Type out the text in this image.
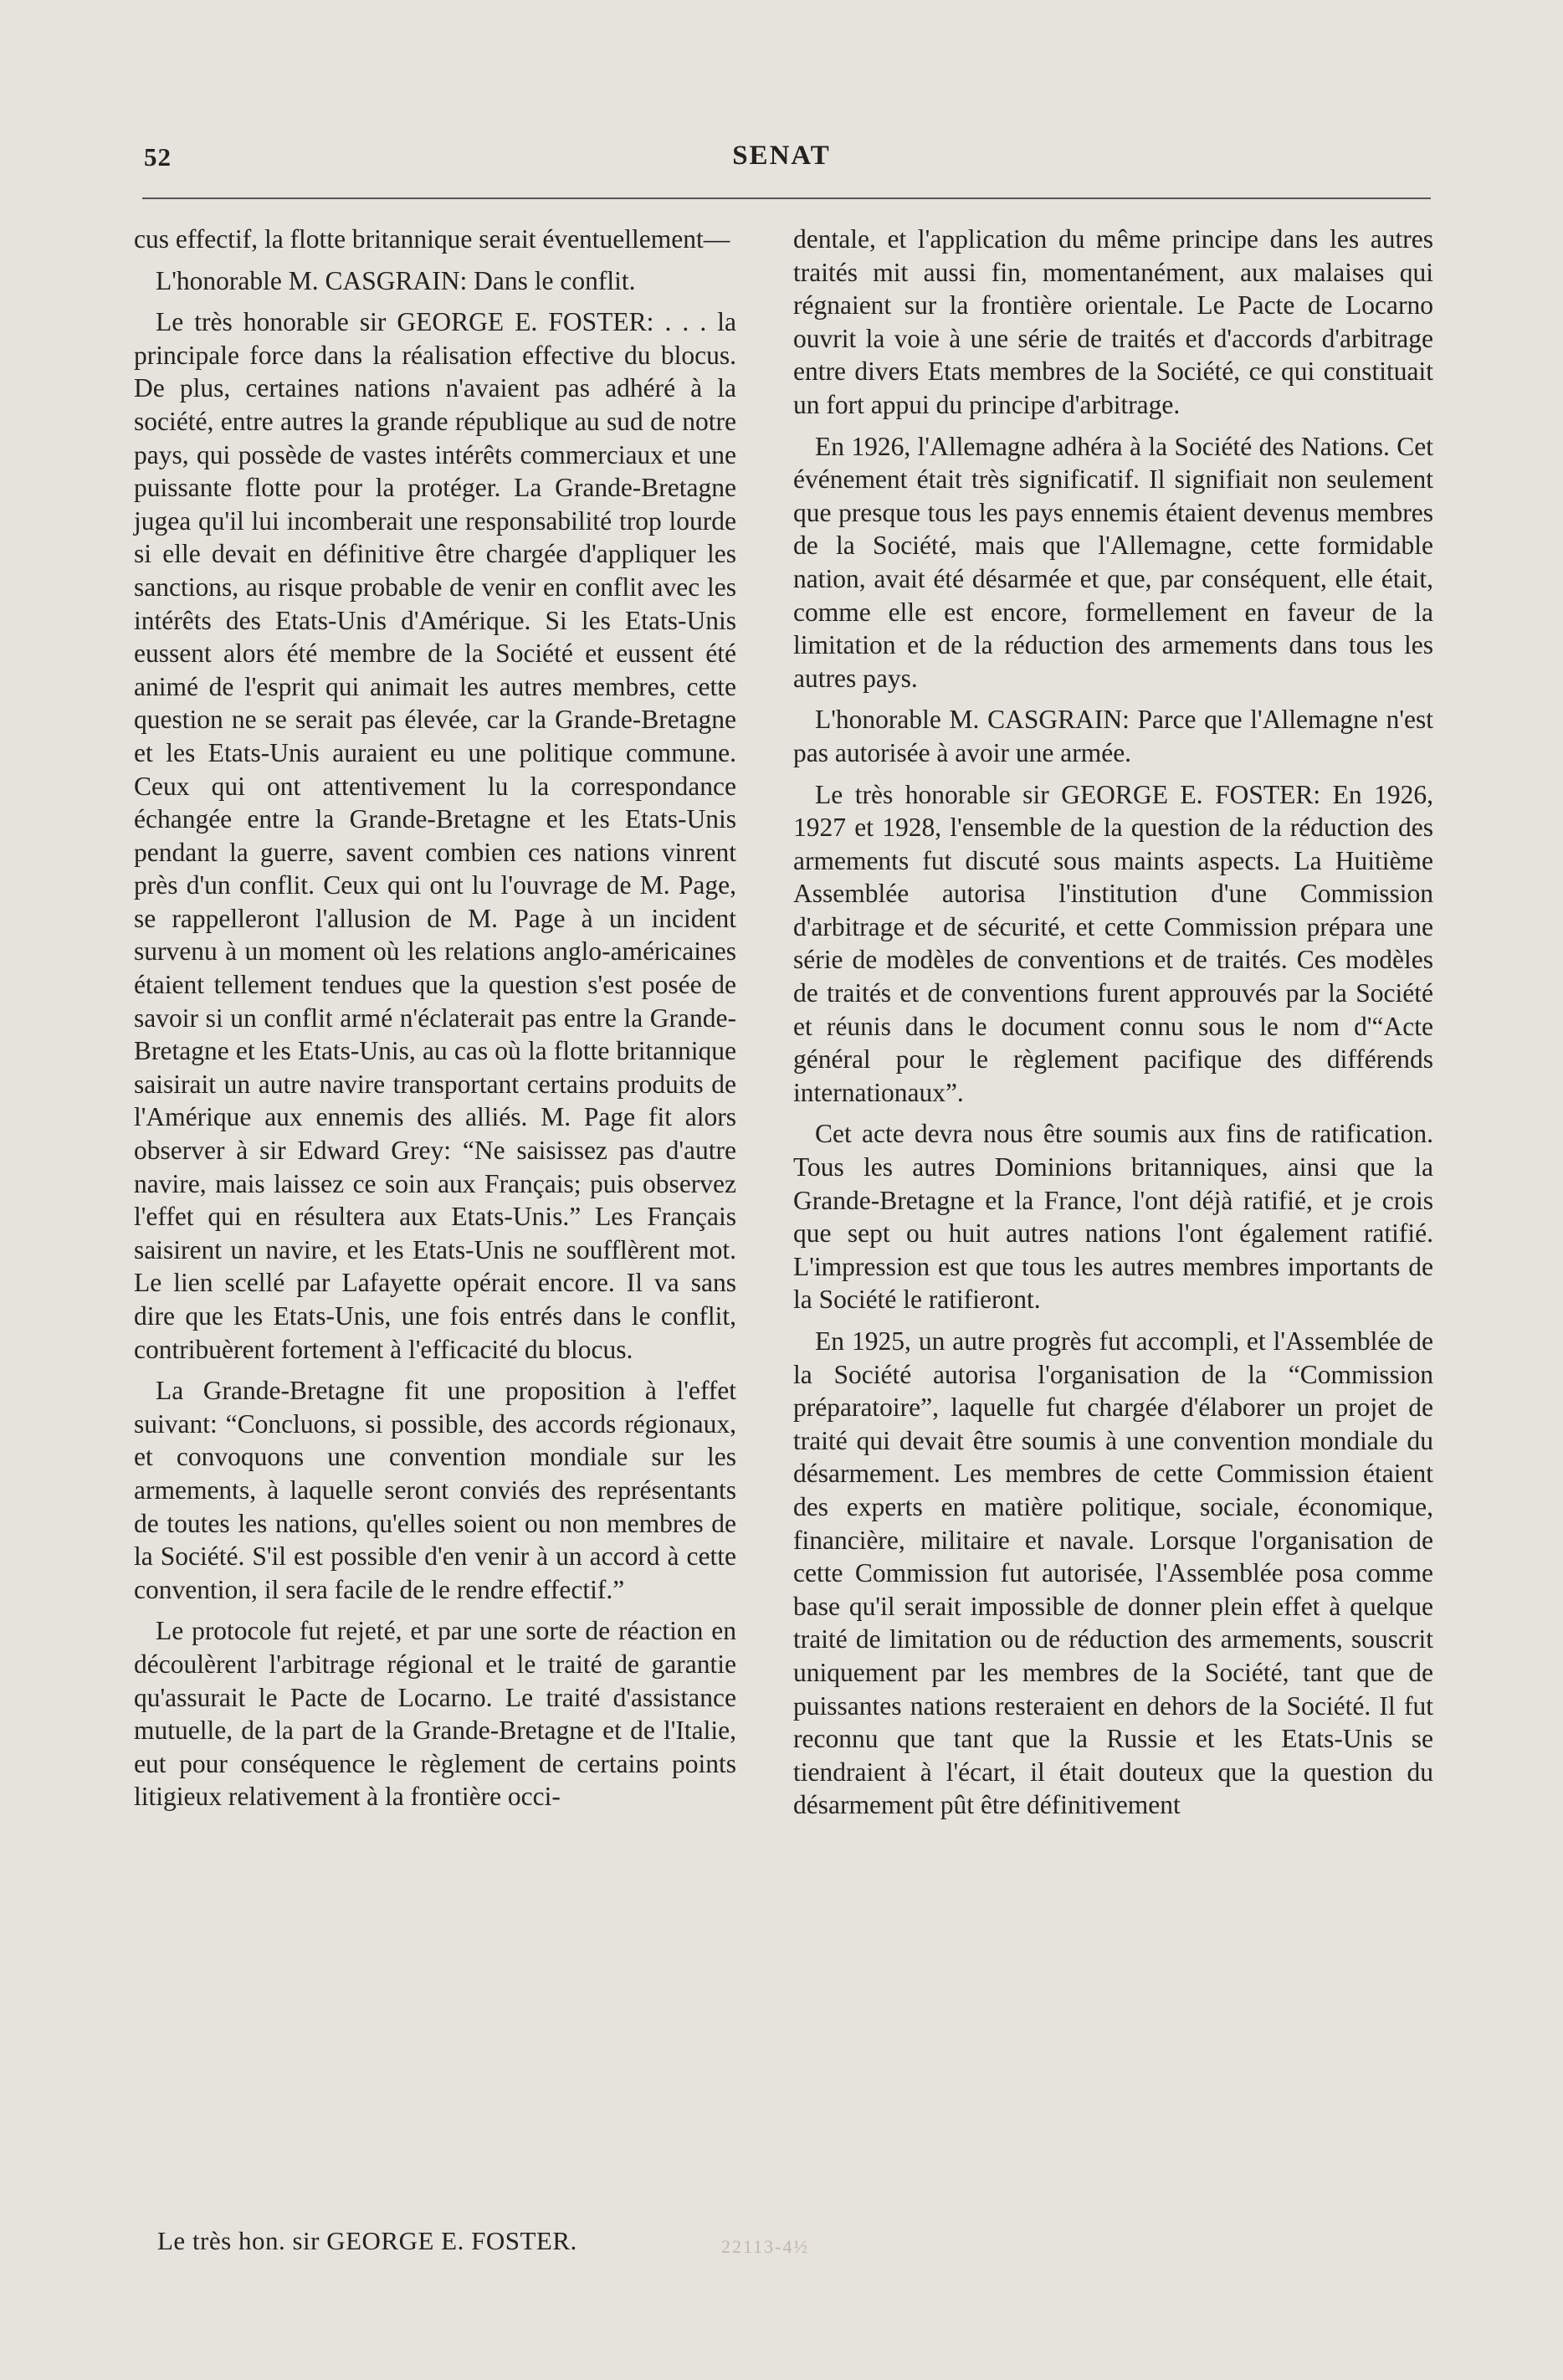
52	SENAT

cus effectif, la flotte britannique serait éventuellement—

L'honorable M. CASGRAIN: Dans le conflit.

Le très honorable sir GEORGE E. FOSTER: . . . la principale force dans la réalisation effective du blocus. De plus, certaines nations n'avaient pas adhéré à la société, entre autres la grande république au sud de notre pays, qui possède de vastes intérêts commerciaux et une puissante flotte pour la protéger. La Grande-Bretagne jugea qu'il lui incomberait une responsabilité trop lourde si elle devait en définitive être chargée d'appliquer les sanctions, au risque probable de venir en conflit avec les intérêts des Etats-Unis d'Amérique. Si les Etats-Unis eussent alors été membre de la Société et eussent été animé de l'esprit qui animait les autres membres, cette question ne se serait pas élevée, car la Grande-Bretagne et les Etats-Unis auraient eu une politique commune. Ceux qui ont attentivement lu la correspondance échangée entre la Grande-Bretagne et les Etats-Unis pendant la guerre, savent combien ces nations vinrent près d'un conflit. Ceux qui ont lu l'ouvrage de M. Page, se rappelleront l'allusion de M. Page à un incident survenu à un moment où les relations anglo-américaines étaient tellement tendues que la question s'est posée de savoir si un conflit armé n'éclaterait pas entre la Grande-Bretagne et les Etats-Unis, au cas où la flotte britannique saisirait un autre navire transportant certains produits de l'Amérique aux ennemis des alliés. M. Page fit alors observer à sir Edward Grey: “Ne saisissez pas d'autre navire, mais laissez ce soin aux Français; puis observez l'effet qui en résultera aux Etats-Unis.” Les Français saisirent un navire, et les Etats-Unis ne soufflèrent mot. Le lien scellé par Lafayette opérait encore. Il va sans dire que les Etats-Unis, une fois entrés dans le conflit, contribuèrent fortement à l'efficacité du blocus.

La Grande-Bretagne fit une proposition à l'effet suivant: “Concluons, si possible, des accords régionaux, et convoquons une convention mondiale sur les armements, à laquelle seront conviés des représentants de toutes les nations, qu'elles soient ou non membres de la Société. S'il est possible d'en venir à un accord à cette convention, il sera facile de le rendre effectif.”

Le protocole fut rejeté, et par une sorte de réaction en découlèrent l'arbitrage régional et le traité de garantie qu'assurait le Pacte de Locarno. Le traité d'assistance mutuelle, de la part de la Grande-Bretagne et de l'Italie, eut pour conséquence le règlement de certains points litigieux relativement à la frontière occi-

dentale, et l'application du même principe dans les autres traités mit aussi fin, momentanément, aux malaises qui régnaient sur la frontière orientale. Le Pacte de Locarno ouvrit la voie à une série de traités et d'accords d'arbitrage entre divers Etats membres de la Société, ce qui constituait un fort appui du principe d'arbitrage.

En 1926, l'Allemagne adhéra à la Société des Nations. Cet événement était très significatif. Il signifiait non seulement que presque tous les pays ennemis étaient devenus membres de la Société, mais que l'Allemagne, cette formidable nation, avait été désarmée et que, par conséquent, elle était, comme elle est encore, formellement en faveur de la limitation et de la réduction des armements dans tous les autres pays.

L'honorable M. CASGRAIN: Parce que l'Allemagne n'est pas autorisée à avoir une armée.

Le très honorable sir GEORGE E. FOSTER: En 1926, 1927 et 1928, l'ensemble de la question de la réduction des armements fut discuté sous maints aspects. La Huitième Assemblée autorisa l'institution d'une Commission d'arbitrage et de sécurité, et cette Commission prépara une série de modèles de conventions et de traités. Ces modèles de traités et de conventions furent approuvés par la Société et réunis dans le document connu sous le nom d'“Acte général pour le règlement pacifique des différends internationaux”.

Cet acte devra nous être soumis aux fins de ratification. Tous les autres Dominions britanniques, ainsi que la Grande-Bretagne et la France, l'ont déjà ratifié, et je crois que sept ou huit autres nations l'ont également ratifié. L'impression est que tous les autres membres importants de la Société le ratifieront.

En 1925, un autre progrès fut accompli, et l'Assemblée de la Société autorisa l'organisation de la “Commission préparatoire”, laquelle fut chargée d'élaborer un projet de traité qui devait être soumis à une convention mondiale du désarmement. Les membres de cette Commission étaient des experts en matière politique, sociale, économique, financière, militaire et navale. Lorsque l'organisation de cette Commission fut autorisée, l'Assemblée posa comme base qu'il serait impossible de donner plein effet à quelque traité de limitation ou de réduction des armements, souscrit uniquement par les membres de la Société, tant que de puissantes nations resteraient en dehors de la Société. Il fut reconnu que tant que la Russie et les Etats-Unis se tiendraient à l'écart, il était douteux que la question du désarmement pût être définitivement

Le très hon. sir GEORGE E. FOSTER.	22113-4½
